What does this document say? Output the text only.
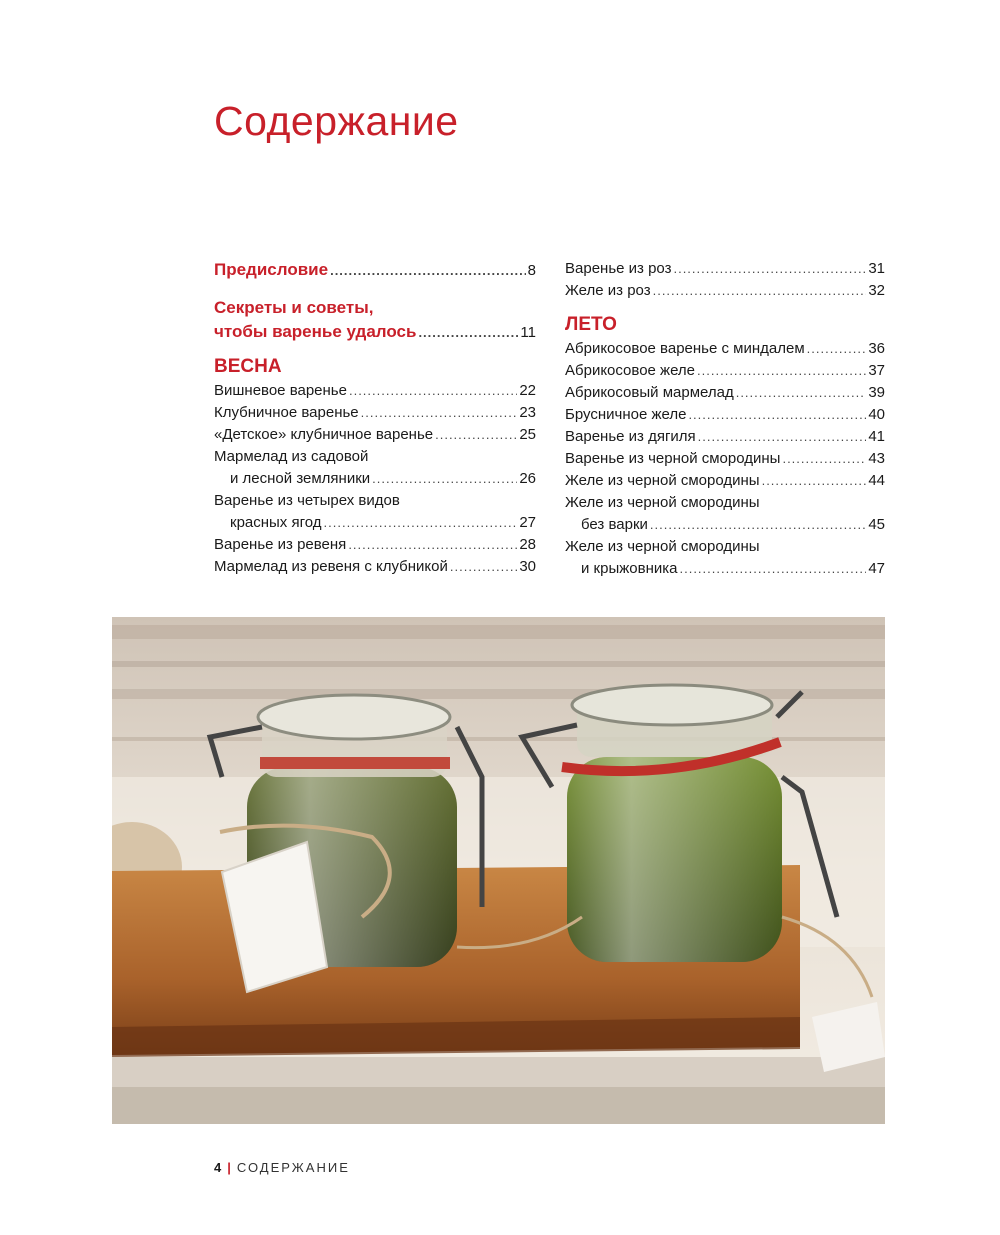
Содержание
Предисловие .....	8
Секреты и советы,
чтобы варенье удалось .....	11
ВЕСНА
Вишневое варенье .....	22
Клубничное варенье .....	23
«Детское» клубничное варенье .....	25
Мармелад из садовой
и лесной земляники .....	26
Варенье из четырех видов
красных ягод .....	27
Варенье из ревеня .....	28
Мармелад из ревеня с клубникой .....	30
Варенье из роз .....	31
Желе из роз .....	32
ЛЕТО
Абрикосовое варенье с миндалем .....	36
Абрикосовое желе .....	37
Абрикосовый мармелад .....	39
Брусничное желе .....	40
Варенье из дягиля .....	41
Варенье из черной смородины .....	43
Желе из черной смородины .....	44
Желе из черной смородины
без варки .....	45
Желе из черной смородины
и крыжовника .....	47
4 | СОДЕРЖАНИЕ
